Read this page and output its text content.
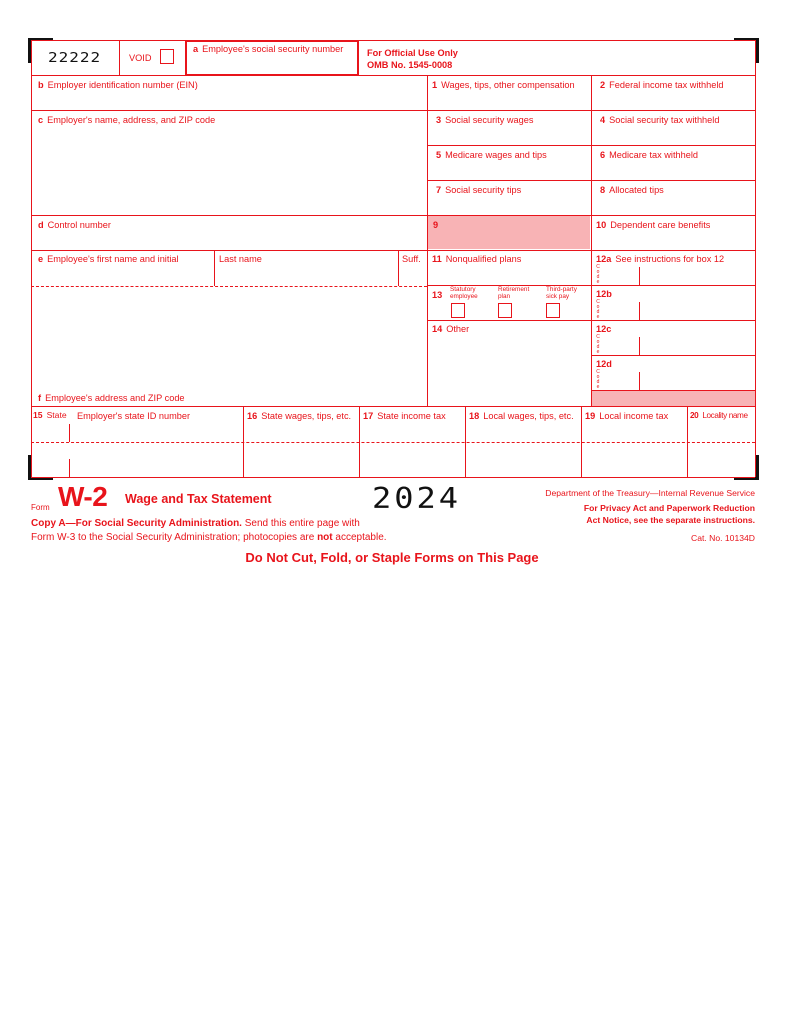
22222	VOID
a Employee's social security number	For Official Use Only
OMB No. 1545-0008
b Employer identification number (EIN)
c Employer's name, address, and ZIP code
d Control number
e Employee's first name and initial	Last name	Suff.
f Employee's address and ZIP code
1 Wages, tips, other compensation
3 Social security wages
5 Medicare wages and tips
7 Social security tips
9
11 Nonqualified plans
13
Statutory
employee
Retirement
plan
Third-party
sick pay
14 Other
2 Federal income tax withheld
4 Social security tax withheld
6 Medicare tax withheld
8 Allocated tips
10 Dependent care benefits
12a See instructions for box 12
12b
12c
12d
C
o
d
e
C
o
d
e
C
o
d
e
C
o
d
e
15 State Employer's state ID number	16 State wages, tips, etc. 17 State income tax	18 Local wages, tips, etc. 19 Local income tax	20 Locality name
Form W-2 Wage and Tax Statement	2024	Department of the Treasury—Internal Revenue Service
For Privacy Act and Paperwork Reduction
Act Notice, see the separate instructions.
Cat. No. 10134D
Copy A—For Social Security Administration. Send this entire page with
Form W-3 to the Social Security Administration; photocopies are not acceptable.
Do Not Cut, Fold, or Staple Forms on This Page
